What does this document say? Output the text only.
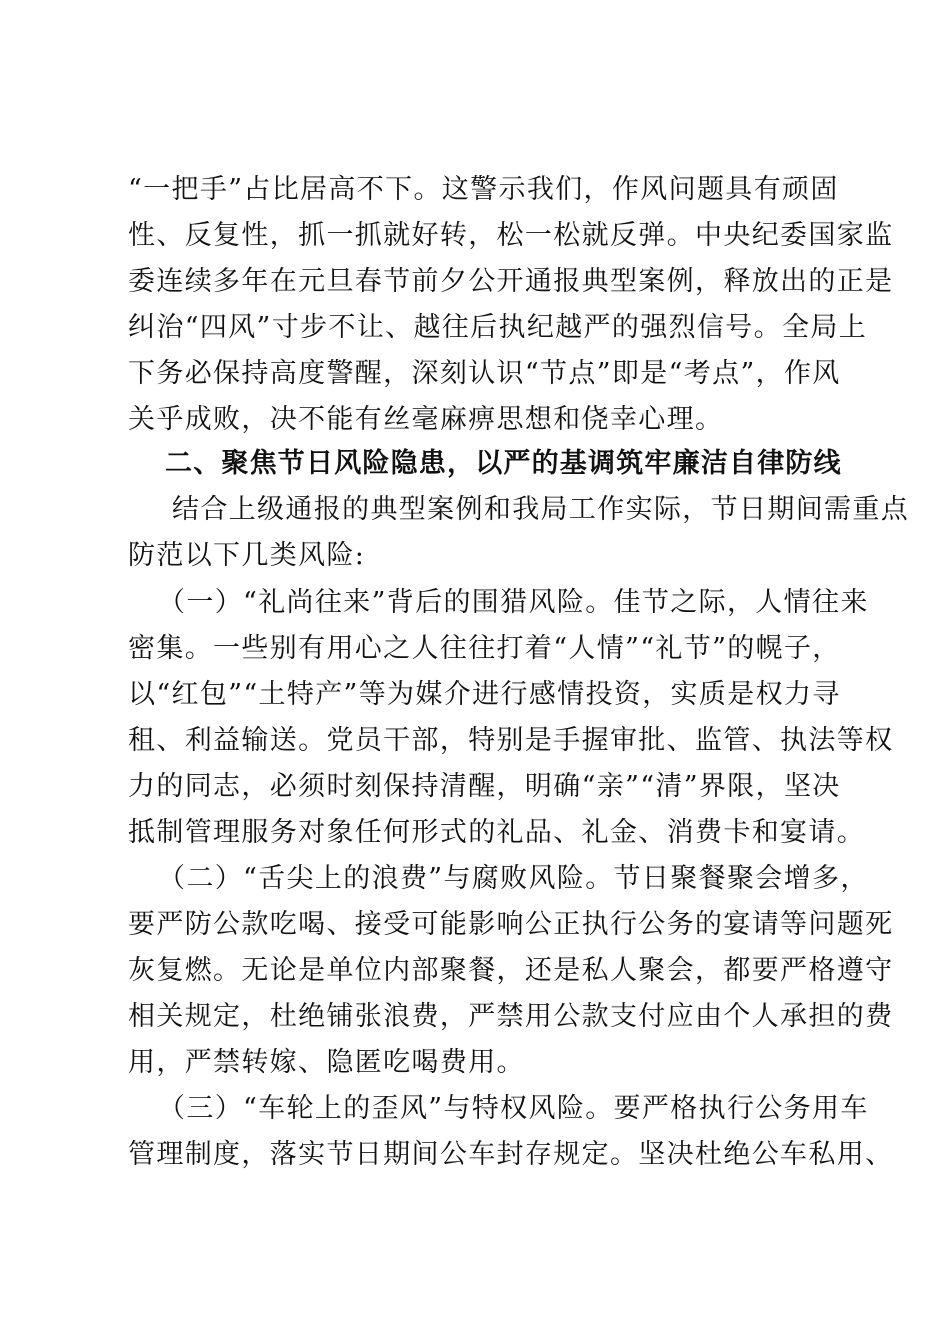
“一把手”占比居高不下。这警示我们，作风问题具有顽固
性、反复性，抓一抓就好转，松一松就反弹。中央纪委国家监
委连续多年在元旦春节前夕公开通报典型案例，释放出的正是
纠治“四风”寸步不让、越往后执纪越严的强烈信号。全局上
下务必保持高度警醒，深刻认识“节点”即是“考点”，作风
关乎成败，决不能有丝毫麻痹思想和侥幸心理。
二、聚焦节日风险隐患，以严的基调筑牢廉洁自律防线
结合上级通报的典型案例和我局工作实际，节日期间需重点
防范以下几类风险:
（一）“礼尚往来”背后的围猎风险。佳节之际，人情往来
密集。一些别有用心之人往往打着“人情”“礼节”的幌子，
以“红包”“土特产”等为媒介进行感情投资，实质是权力寻
租、利益输送。党员干部，特别是手握审批、监管、执法等权
力的同志，必须时刻保持清醒，明确“亲”“清”界限，坚决
抵制管理服务对象任何形式的礼品、礼金、消费卡和宴请。
（二）“舌尖上的浪费”与腐败风险。节日聚餐聚会增多，
要严防公款吃喝、接受可能影响公正执行公务的宴请等问题死
灰复燃。无论是单位内部聚餐，还是私人聚会，都要严格遵守
相关规定，杜绝铺张浪费，严禁用公款支付应由个人承担的费
用，严禁转嫁、隐匿吃喝费用。
（三）“车轮上的歪风”与特权风险。要严格执行公务用车
管理制度，落实节日期间公车封存规定。坚决杜绝公车私用、
